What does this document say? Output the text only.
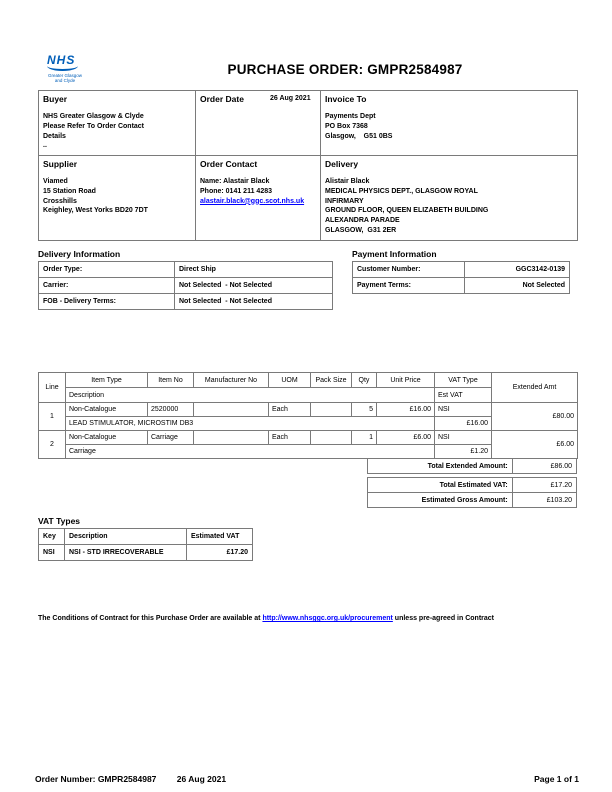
NHS
Greater Glasgow
and Clyde
PURCHASE ORDER: GMPR2584987
Buyer
NHS Greater Glasgow & Clyde
Please Refer To Order Contact
Details
..

Order Date	26 Aug 2021	Invoice To
Payments Dept
PO Box 7368
Glasgow,    G51 0BS

Supplier
Viamed
15 Station Road
Crosshills
Keighley, West Yorks BD20 7DT

Order Contact
Name: Alastair Black
Phone: 0141 211 4283
alastair.black@ggc.scot.nhs.uk	
Delivery
Alistair Black
MEDICAL PHYSICS DEPT., GLASGOW ROYAL
INFIRMARY
GROUND FLOOR, QUEEN ELIZABETH BUILDING
ALEXANDRA PARADE
GLASGOW,  G31 2ER
Delivery Information
Order Type:	Direct Ship
Carrier:	Not Selected  - Not Selected
FOB - Delivery Terms:	Not Selected  - Not Selected
Payment Information
Customer Number:	GGC3142-0139
Payment Terms:	Not Selected
Line	Item Type	Item No	Manufacturer No	UOM	Pack Size	Qty	Unit Price	VAT Type	Extended Amt
	Description							Est VAT	
1	Non-Catalogue	2520000		Each		5	£16.00	NSI	£80.00
	LEAD STIMULATOR, MICROSTIM DB3							£16.00	
2	Non-Catalogue	Carriage		Each		1	£6.00	NSI	£6.00
	Carriage							£1.20	
Total Extended Amount:	£86.00
Total Estimated VAT:	£17.20
Estimated Gross Amount:	£103.20
VAT Types
Key	Description	Estimated VAT
NSI	NSI - STD IRRECOVERABLE	£17.20
The Conditions of Contract for this Purchase Order are available at http://www.nhsggc.org.uk/procurement unless pre-agreed in Contract
Order Number: GMPR2584987 26 Aug 2021	Page 1 of 1
